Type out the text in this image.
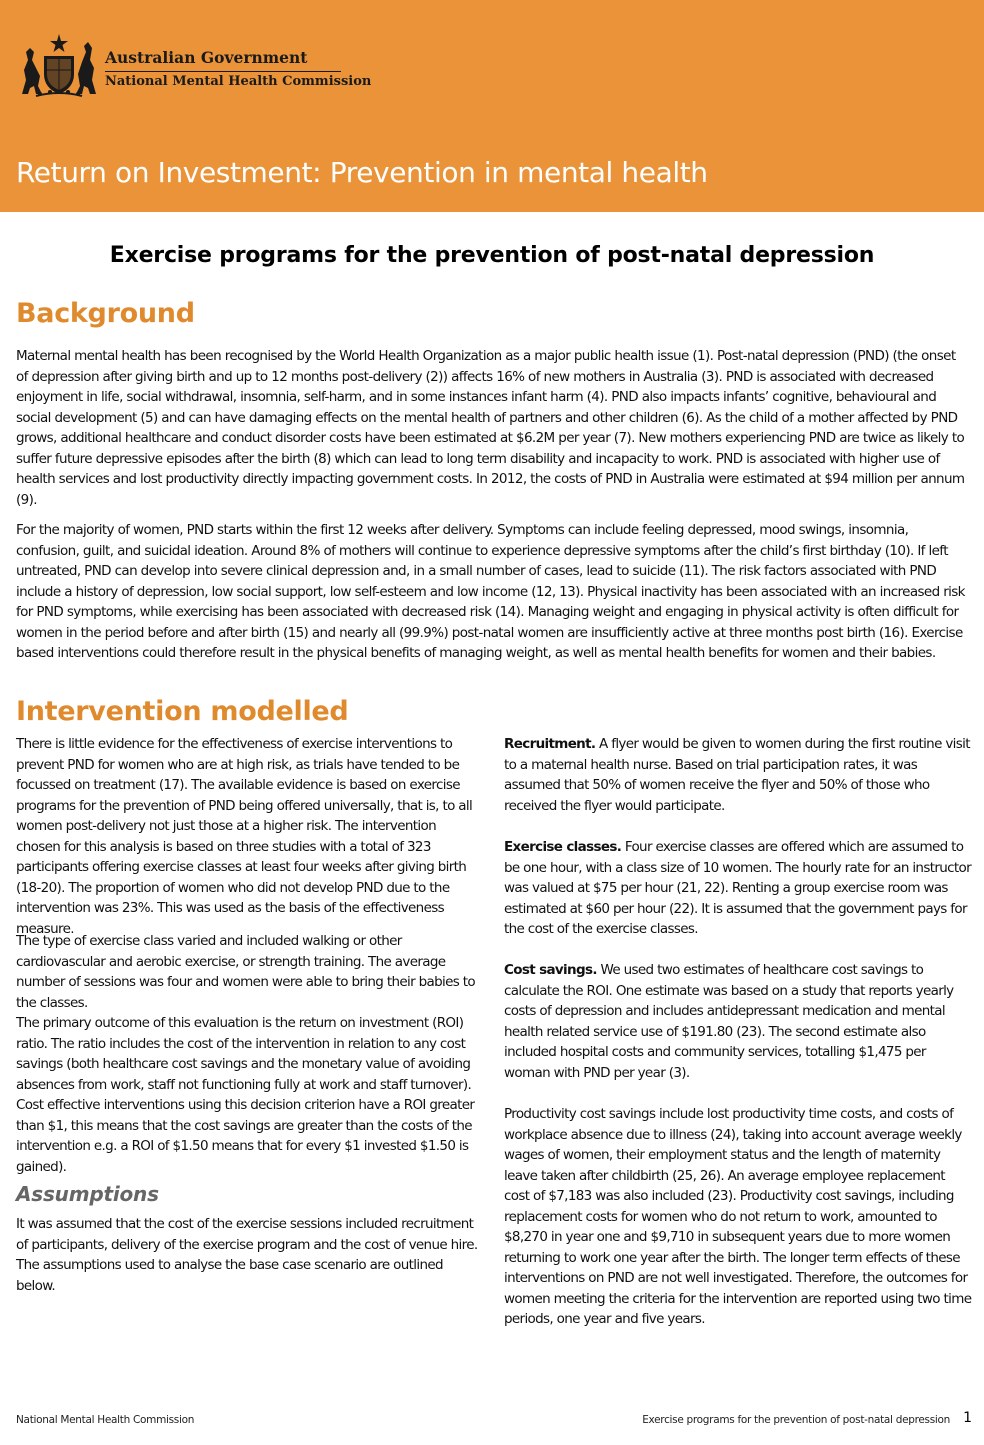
Australian Government
National Mental Health Commission
Return on Investment: Prevention in mental health
Exercise programs for the prevention of post-natal depression
Background

Maternal mental health has been recognised by the World Health Organization as a major public health issue (1). Post-natal depression (PND) (the onset of depression after giving birth and up to 12 months post-delivery (2)) affects 16% of new mothers in Australia (3). PND is associated with decreased enjoyment in life, social withdrawal, insomnia, self-harm, and in some instances infant harm (4). PND also impacts infants’ cognitive, behavioural and social development (5) and can have damaging effects on the mental health of partners and other children (6). As the child of a mother affected by PND grows, additional healthcare and conduct disorder costs have been estimated at $6.2M per year (7). New mothers experiencing PND are twice as likely to suffer future depressive episodes after the birth (8) which can lead to long term disability and incapacity to work. PND is associated with higher use of health services and lost productivity directly impacting government costs. In 2012, the costs of PND in Australia were estimated at $94 million per annum (9).

For the majority of women, PND starts within the first 12 weeks after delivery. Symptoms can include feeling depressed, mood swings, insomnia, confusion, guilt, and suicidal ideation. Around 8% of mothers will continue to experience depressive symptoms after the child’s first birthday (10). If left untreated, PND can develop into severe clinical depression and, in a small number of cases, lead to suicide (11). The risk factors associated with PND include a history of depression, low social support, low self-esteem and low income (12, 13). Physical inactivity has been associated with an increased risk for PND symptoms, while exercising has been associated with decreased risk (14). Managing weight and engaging in physical activity is often difficult for women in the period before and after birth (15) and nearly all (99.9%) post-natal women are insufficiently active at three months post birth (16). Exercise based interventions could therefore result in the physical benefits of managing weight, as well as mental health benefits for women and their babies.

Intervention modelled

There is little evidence for the effectiveness of exercise interventions to prevent PND for women who are at high risk, as trials have tended to be focussed on treatment (17). The available evidence is based on exercise programs for the prevention of PND being offered universally, that is, to all women post-delivery not just those at a higher risk. The intervention chosen for this analysis is based on three studies with a total of 323 participants offering exercise classes at least four weeks after giving birth (18-20). The proportion of women who did not develop PND due to the intervention was 23%. This was used as the basis of the effectiveness measure.

The type of exercise class varied and included walking or other cardiovascular and aerobic exercise, or strength training. The average number of sessions was four and women were able to bring their babies to the classes.

The primary outcome of this evaluation is the return on investment (ROI) ratio. The ratio includes the cost of the intervention in relation to any cost savings (both healthcare cost savings and the monetary value of avoiding absences from work, staff not functioning fully at work and staff turnover). Cost effective interventions using this decision criterion have a ROI greater than $1, this means that the cost savings are greater than the costs of the intervention e.g. a ROI of $1.50 means that for every $1 invested $1.50 is gained).

Assumptions

It was assumed that the cost of the exercise sessions included recruitment of participants, delivery of the exercise program and the cost of venue hire. The assumptions used to analyse the base case scenario are outlined below.

Recruitment. A flyer would be given to women during the first routine visit to a maternal health nurse. Based on trial participation rates, it was assumed that 50% of women receive the flyer and 50% of those who received the flyer would participate.

Exercise classes. Four exercise classes are offered which are assumed to be one hour, with a class size of 10 women. The hourly rate for an instructor was valued at $75 per hour (21, 22). Renting a group exercise room was estimated at $60 per hour (22). It is assumed that the government pays for the cost of the exercise classes.

Cost savings. We used two estimates of healthcare cost savings to calculate the ROI. One estimate was based on a study that reports yearly costs of depression and includes antidepressant medication and mental health related service use of $191.80 (23). The second estimate also included hospital costs and community services, totalling $1,475 per woman with PND per year (3).

Productivity cost savings include lost productivity time costs, and costs of workplace absence due to illness (24), taking into account average weekly wages of women, their employment status and the length of maternity leave taken after childbirth (25, 26). An average employee replacement cost of $7,183 was also included (23). Productivity cost savings, including replacement costs for women who do not return to work, amounted to $8,270 in year one and $9,710 in subsequent years due to more women returning to work one year after the birth. The longer term effects of these interventions on PND are not well investigated. Therefore, the outcomes for women meeting the criteria for the intervention are reported using two time periods, one year and five years.

National Mental Health Commission	Exercise programs for the prevention of post-natal depression 1
